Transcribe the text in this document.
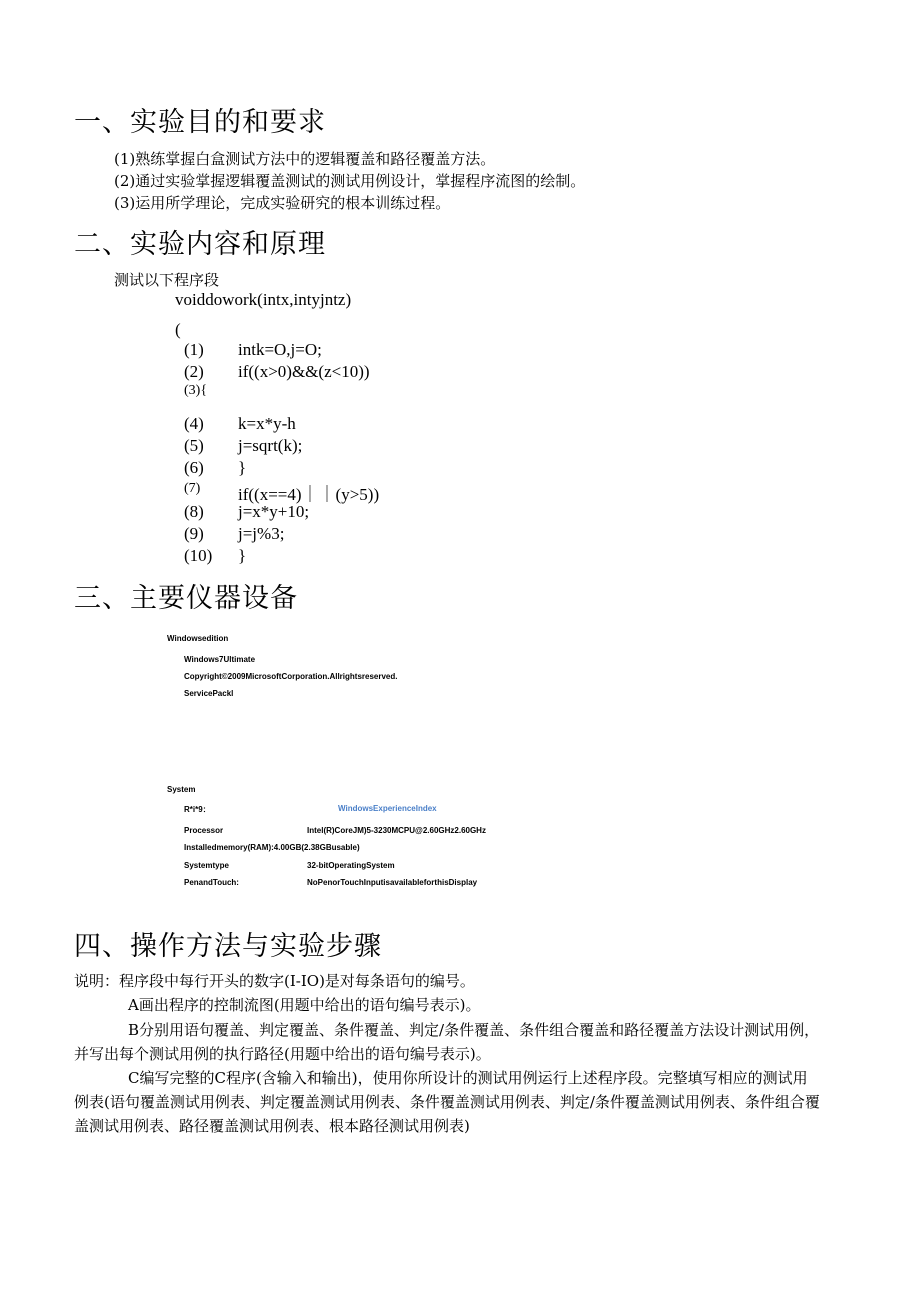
一、实验目的和要求
(1)熟练掌握白盒测试方法中的逻辑覆盖和路径覆盖方法。
(2)通过实验掌握逻辑覆盖测试的测试用例设计，掌握程序流图的绘制。
(3)运用所学理论，完成实验研究的根本训练过程。
二、实验内容和原理
测试以下程序段
voiddowork(intx,intyjntz)
(
(1) intk=O,j=O;
(2) if((x>0)&&(z<10))
(3){
(4) k=x*y-h
(5) j=sqrt(k);
(6) }
(7) if((x==4)｜｜(y>5))
(8) j=x*y+10;
(9) j=j%3;
(10) }
三、主要仪器设备
Windowsedition
Windows7Ultimate
Copyright©2009MicrosoftCorporation.Allrightsreserved.
ServicePackl
System
R*i*9：	WindowsExperienceIndex
Processor	Intel(R)CoreJM)5-3230MCPU@2.60GHz2.60GHz
Installedmemory(RAM):4.00GB(2.38GBusable)
Systemtype	32-bitOperatingSystem
PenandTouch:	NoPenorTouchInputisavailableforthisDisplay
四、操作方法与实验步骤
说明：程序段中每行开头的数字(I-IO)是对每条语句的编号。
A画出程序的控制流图(用题中给出的语句编号表示)。
B分别用语句覆盖、判定覆盖、条件覆盖、判定/条件覆盖、条件组合覆盖和路径覆盖方法设计测试用例，并写出每个测试用例的执行路径(用题中给出的语句编号表示)。
C编写完整的C程序(含输入和输出)，使用你所设计的测试用例运行上述程序段。完整填写相应的测试用例表(语句覆盖测试用例表、判定覆盖测试用例表、条件覆盖测试用例表、判定/条件覆盖测试用例表、条件组合覆盖测试用例表、路径覆盖测试用例表、根本路径测试用例表)
